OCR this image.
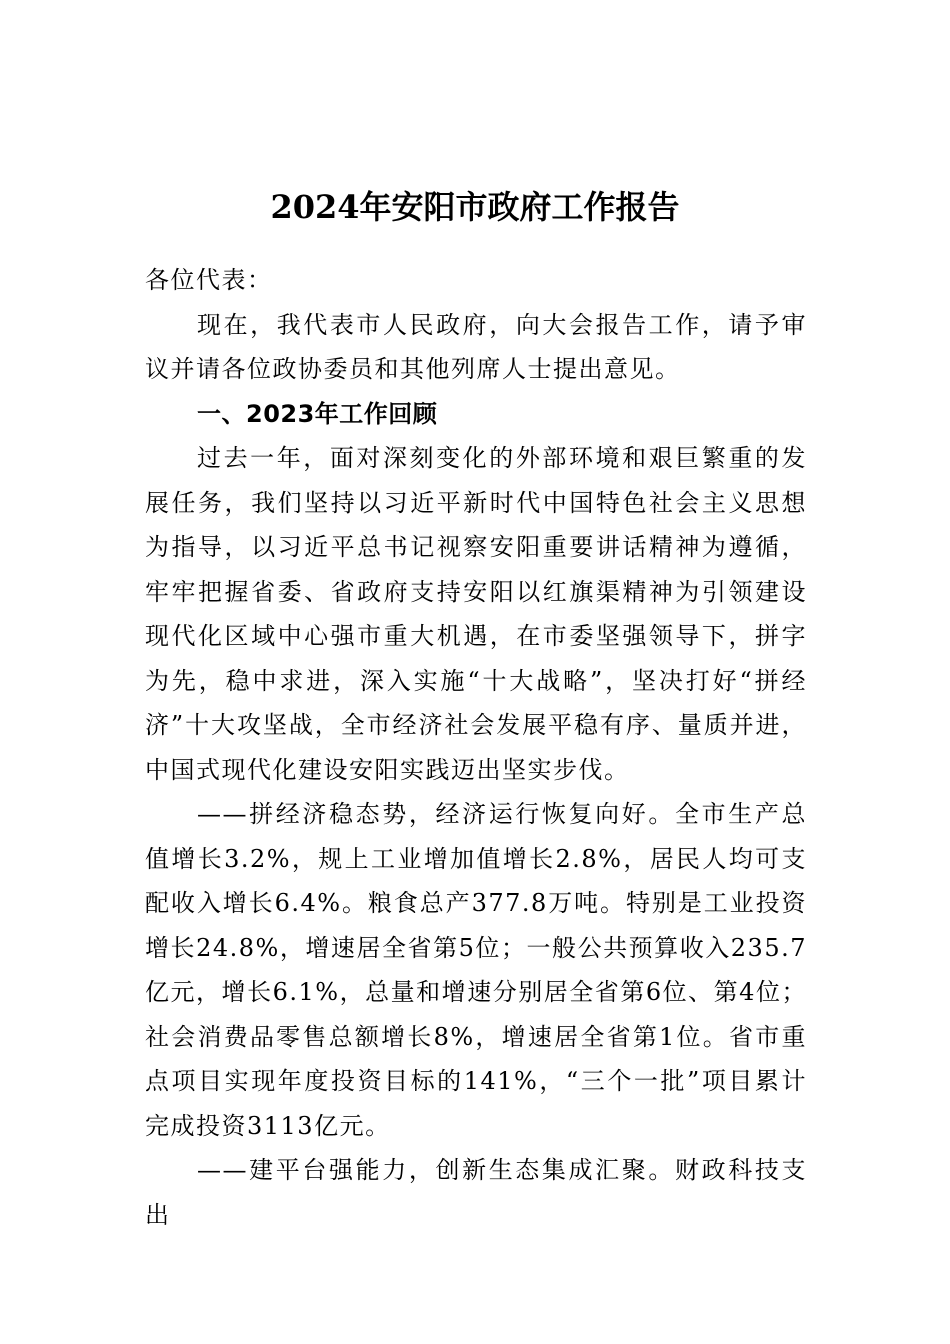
2024年安阳市政府工作报告

各位代表：

现在，我代表市人民政府，向大会报告工作，请予审议并请各位政协委员和其他列席人士提出意见。

一、2023年工作回顾

过去一年，面对深刻变化的外部环境和艰巨繁重的发展任务，我们坚持以习近平新时代中国特色社会主义思想为指导，以习近平总书记视察安阳重要讲话精神为遵循，牢牢把握省委、省政府支持安阳以红旗渠精神为引领建设现代化区域中心强市重大机遇，在市委坚强领导下，拼字为先，稳中求进，深入实施“十大战略”，坚决打好“拼经济”十大攻坚战，全市经济社会发展平稳有序、量质并进，中国式现代化建设安阳实践迈出坚实步伐。

——拼经济稳态势，经济运行恢复向好。全市生产总值增长3.2%，规上工业增加值增长2.8%，居民人均可支配收入增长6.4%。粮食总产377.8万吨。特别是工业投资增长24.8%，增速居全省第5位；一般公共预算收入235.7亿元，增长6.1%，总量和增速分别居全省第6位、第4位；社会消费品零售总额增长8%，增速居全省第1位。省市重点项目实现年度投资目标的141%，“三个一批”项目累计完成投资3113亿元。

——建平台强能力，创新生态集成汇聚。财政科技支出
